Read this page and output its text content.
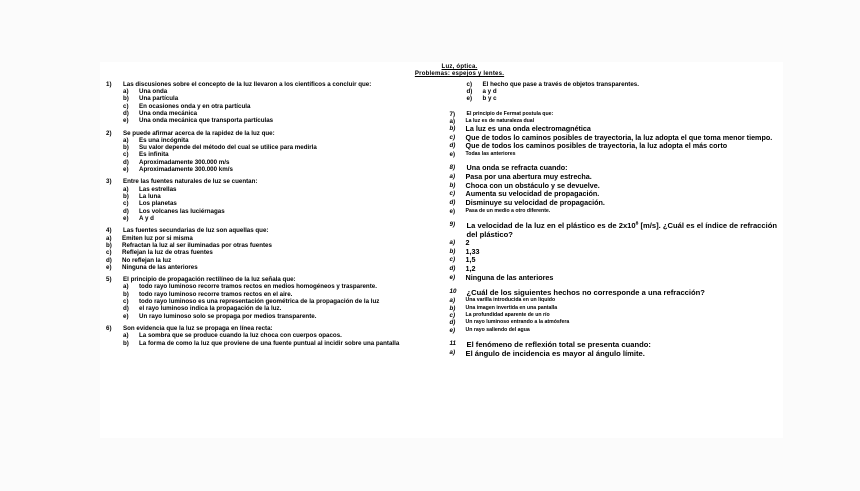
Luz, óptica.
Problemas: espejos y lentes.
1)	Las discusiones sobre el concepto de la luz llevaron a los científicos a concluir que:
a)	Una onda
b)	Una partícula
c)	En ocasiones onda y en otra partícula
d)	Una onda mecánica
e)	Una onda mecánica que transporta partículas
2)	Se puede afirmar acerca de la rapidez de la luz que:
a)	Es una incógnita
b)	Su valor depende del método del cual se utilice para medirla
c)	Es infinita
d)	Aproximadamente 300.000 m/s
e)	Aproximadamente 300.000 km/s
3)	Entre las fuentes naturales de luz se cuentan:
a)	Las estrellas
b)	La luna
c)	Los planetas
d)	Los volcanes las luciérnagas
e)	A y d
4)	Las fuentes secundarias de luz son aquellas que:
a)	Emiten luz por si misma
b)	Refractan la luz al ser iluminadas por otras fuentes
c)	Reflejan la luz de otras fuentes
d)	No reflejan la luz
e)	Ninguna de las anteriores
5)	El principio de propagación rectilíneo de la luz señala que:
a)	todo rayo luminoso recorre tramos rectos en medios homogéneos y trasparente.
b)	todo rayo luminoso recorre tramos rectos en el aire.
c)	todo rayo luminoso es una representación geométrica de la propagación de la luz
d)	el rayo luminoso indica la propagación de la luz.
e)	Un rayo luminoso solo se propaga por medios transparente.
6)	Son evidencia que la luz se propaga en línea recta:
a)	La sombra que se produce cuando la luz choca con cuerpos opacos.
b)	La forma de como la luz que proviene de una fuente puntual al incidir sobre una pantalla
c)	El hecho que pase a través de objetos transparentes.
d)	a y d
e)	b y c
7)	El principio de Fermat postula que:
a)	La luz es de naturaleza dual
b)	La luz es una onda electromagnética
c)	Que de todos lo caminos posibles de trayectoria, la luz adopta el que toma menor tiempo.
d)	Que de todos los caminos posibles de trayectoria, la luz adopta el más corto
e)	Todas las anteriores
8)	Una onda se refracta cuando:
a)	Pasa por una abertura muy estrecha.
b)	Choca con un obstáculo y se devuelve.
c)	Aumenta su velocidad de propagación.
d)	Disminuye su velocidad de propagación.
e)	Pasa de un medio a otro diferente.
9)	La velocidad de la luz en el plástico es de $2x10^8$ [m/s]. ¿Cuál es el índice de refracción del plástico?
a)	2
b)	1,33
c)	1,5
d)	1,2
e)	Ninguna de las anteriores
10	¿Cuál de los siguientes hechos no corresponde a una refracción?
a)	Una varilla introducida en un líquido
b)	Una imagen invertida en una pantalla
c)	La profundidad aparente de un río
d)	Un rayo luminoso entrando a la atmósfera
e)	Un rayo saliendo del agua
11	El fenómeno de reflexión total se presenta cuando:
a)	El ángulo de incidencia es mayor al ángulo límite.
